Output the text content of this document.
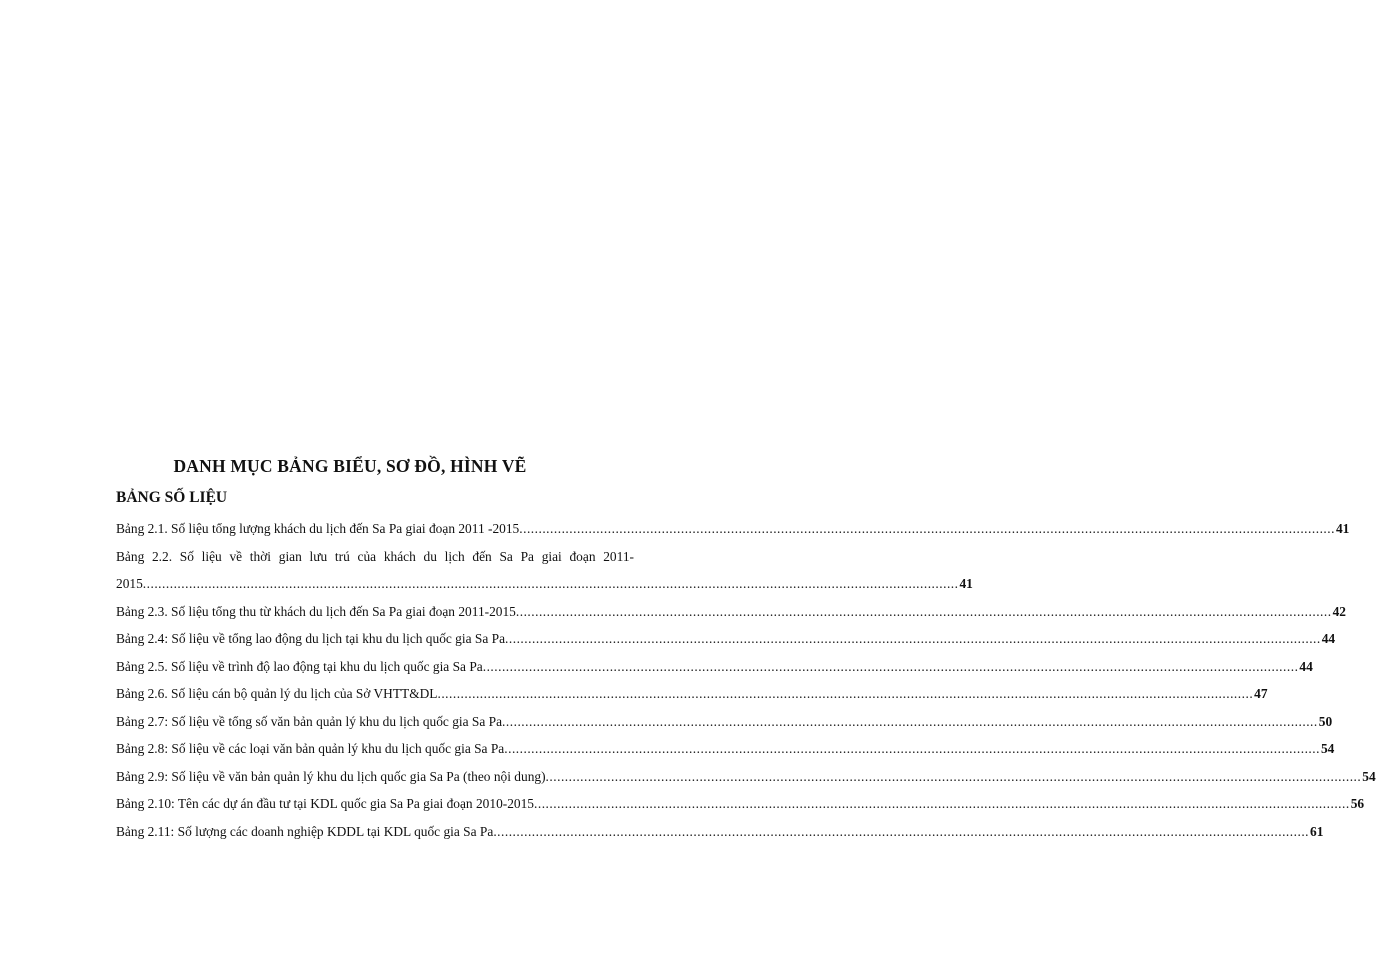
DANH MỤC BẢNG BIỂU, SƠ ĐỒ, HÌNH VẼ
BẢNG SỐ LIỆU
Bảng 2.1. Số liệu tổng lượng khách du lịch đến Sa Pa giai đoạn 2011 -2015 .....	41
Bảng 2.2. Số liệu về thời gian lưu trú của khách du lịch đến Sa Pa giai đoạn 2011-
2015 .....	41
Bảng 2.3. Số liệu tổng thu từ khách du lịch đến Sa Pa giai đoạn 2011-2015 .....	42
Bảng 2.4: Số liệu về tổng lao động du lịch tại khu du lịch quốc gia Sa Pa .....	44
Bảng 2.5. Số liệu về trình độ lao động tại khu du lịch quốc gia Sa Pa .....	44
Bảng 2.6. Số liệu cán bộ quản lý du lịch của Sở VHTT&DL .....	47
Bảng 2.7: Số liệu về tổng số văn bản quản lý khu du lịch quốc gia Sa Pa .....	50
Bảng 2.8: Số liệu về các loại văn bản quản lý khu du lịch quốc gia Sa Pa .....	54
Bảng 2.9: Số liệu về văn bản quản lý khu du lịch quốc gia Sa Pa (theo nội dung) .....	54
Bảng 2.10: Tên các dự án đầu tư tại KDL quốc gia Sa Pa giai đoạn 2010-2015 .....	56
Bảng 2.11: Số lượng các doanh nghiệp KDDL tại KDL quốc gia Sa Pa .....	61
